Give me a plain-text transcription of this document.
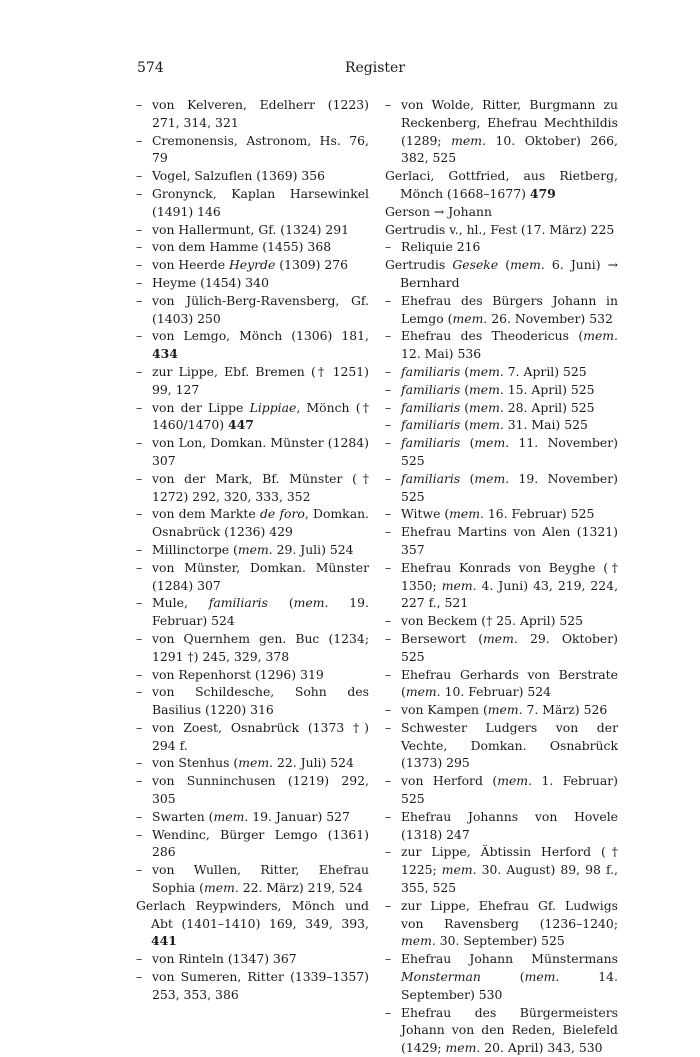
574	Register
– von Kelveren, Edelherr (1223) 271, 314, 321
– Cremonensis, Astronom, Hs. 76, 79
– Vogel, Salzuflen (1369) 356
– Gronynck, Kaplan Harsewinkel (1491) 146
– von Hallermunt, Gf. (1324) 291
– von dem Hamme (1455) 368
– von Heerde Heyrde (1309) 276
– Heyme (1454) 340
– von Jülich-Berg-Ravensberg, Gf. (1403) 250
– von Lemgo, Mönch (1306) 181, 434
– zur Lippe, Ebf. Bremen († 1251) 99, 127
– von der Lippe Lippiae, Mönch († 1460/1470) 447
– von Lon, Domkan. Münster (1284) 307
– von der Mark, Bf. Münster († 1272) 292, 320, 333, 352
– von dem Markte de foro, Domkan. Osnabrück (1236) 429
– Millinctorpe (mem. 29. Juli) 524
– von Münster, Domkan. Münster (1284) 307
– Mule, familiaris (mem. 19. Februar) 524
– von Quernhem gen. Buc (1234; 1291 †) 245, 329, 378
– von Repenhorst (1296) 319
– von Schildesche, Sohn des Basilius (1220) 316
– von Zoest, Osnabrück (1373 †) 294 f.
– von Stenhus (mem. 22. Juli) 524
– von Sunninchusen (1219) 292, 305
– Swarten (mem. 19. Januar) 527
– Wendinc, Bürger Lemgo (1361) 286
– von Wullen, Ritter, Ehefrau Sophia (mem. 22. März) 219, 524
Gerlach Reypwinders, Mönch und Abt (1401–1410) 169, 349, 393, 441
– von Rinteln (1347) 367
– von Sumeren, Ritter (1339–1357) 253, 353, 386
– von Wolde, Ritter, Burgmann zu Reckenberg, Ehefrau Mechthildis (1289; mem. 10. Oktober) 266, 382, 525
Gerlaci, Gottfried, aus Rietberg, Mönch (1668–1677) 479
Gerson → Johann
Gertrudis v., hl., Fest (17. März) 225
– Reliquie 216
Gertrudis Geseke (mem. 6. Juni) → Bernhard
– Ehefrau des Bürgers Johann in Lemgo (mem. 26. November) 532
– Ehefrau des Theodericus (mem. 12. Mai) 536
– familiaris (mem. 7. April) 525
– familiaris (mem. 15. April) 525
– familiaris (mem. 28. April) 525
– familiaris (mem. 31. Mai) 525
– familiaris (mem. 11. November) 525
– familiaris (mem. 19. November) 525
– Witwe (mem. 16. Februar) 525
– Ehefrau Martins von Alen (1321) 357
– Ehefrau Konrads von Beyghe († 1350; mem. 4. Juni) 43, 219, 224, 227 f., 521
– von Beckem († 25. April) 525
– Bersewort (mem. 29. Oktober) 525
– Ehefrau Gerhards von Berstrate (mem. 10. Februar) 524
– von Kampen (mem. 7. März) 526
– Schwester Ludgers von der Vechte, Domkan. Osnabrück (1373) 295
– von Herford (mem. 1. Februar) 525
– Ehefrau Johanns von Hovele (1318) 247
– zur Lippe, Äbtissin Herford († 1225; mem. 30. August) 89, 98 f., 355, 525
– zur Lippe, Ehefrau Gf. Ludwigs von Ravensberg (1236–1240; mem. 30. September) 525
– Ehefrau Johann Münstermans Monsterman (mem. 14. September) 530
– Ehefrau des Bürgermeisters Johann von den Reden, Bielefeld (1429; mem. 20. April) 343, 530
